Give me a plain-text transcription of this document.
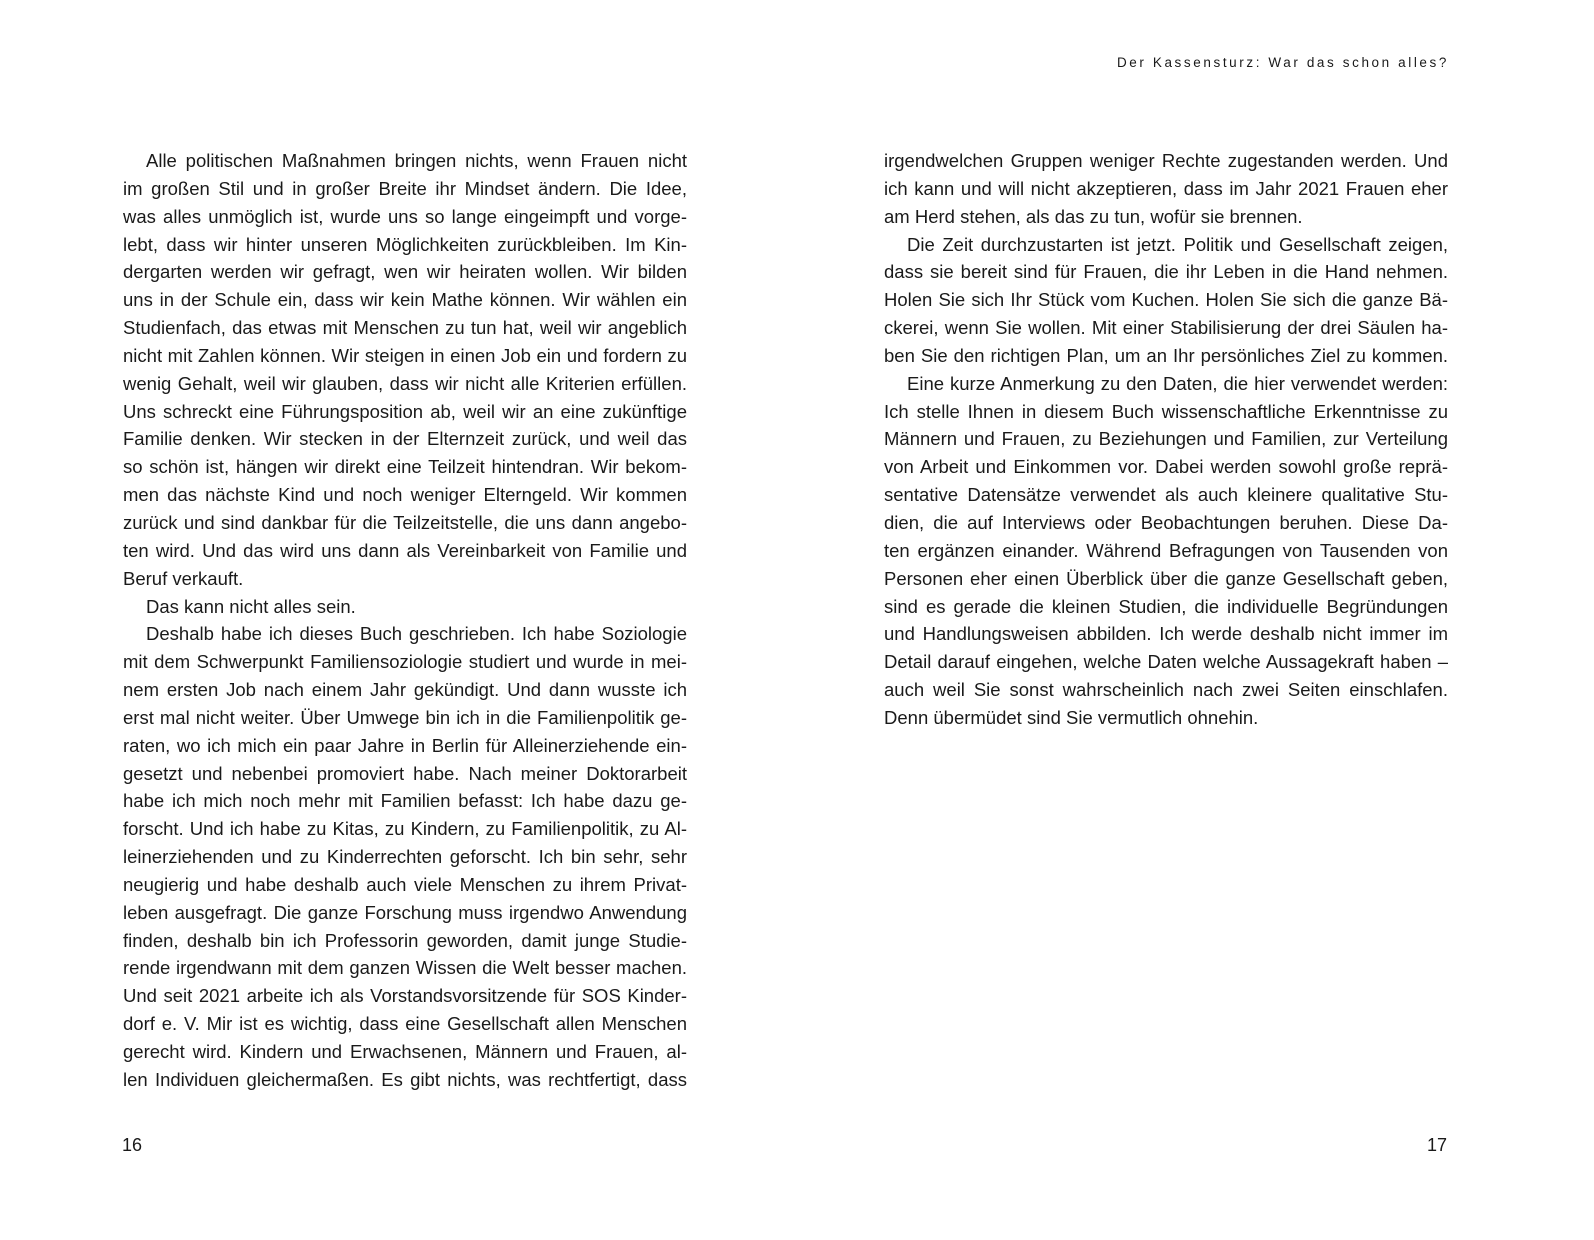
Alle politischen Maßnahmen bringen nichts, wenn Frauen nicht
im großen Stil und in großer Breite ihr Mindset ändern. Die Idee,
was alles unmöglich ist, wurde uns so lange eingeimpft und vorge-
lebt, dass wir hinter unseren Möglichkeiten zurückbleiben. Im Kin-
dergarten werden wir gefragt, wen wir heiraten wollen. Wir bilden
uns in der Schule ein, dass wir kein Mathe können. Wir wählen ein
Studienfach, das etwas mit Menschen zu tun hat, weil wir angeblich
nicht mit Zahlen können. Wir steigen in einen Job ein und fordern zu
wenig Gehalt, weil wir glauben, dass wir nicht alle Kriterien erfüllen.
Uns schreckt eine Führungsposition ab, weil wir an eine zukünftige
Familie denken. Wir stecken in der Elternzeit zurück, und weil das
so schön ist, hängen wir direkt eine Teilzeit hintendran. Wir bekom-
men das nächste Kind und noch weniger Elterngeld. Wir kommen
zurück und sind dankbar für die Teilzeitstelle, die uns dann angebo-
ten wird. Und das wird uns dann als Vereinbarkeit von Familie und
Beruf verkauft.
Das kann nicht alles sein.
Deshalb habe ich dieses Buch geschrieben. Ich habe Soziologie
mit dem Schwerpunkt Familiensoziologie studiert und wurde in mei-
nem ersten Job nach einem Jahr gekündigt. Und dann wusste ich
erst mal nicht weiter. Über Umwege bin ich in die Familienpolitik ge-
raten, wo ich mich ein paar Jahre in Berlin für Alleinerziehende ein-
gesetzt und nebenbei promoviert habe. Nach meiner Doktorarbeit
habe ich mich noch mehr mit Familien befasst: Ich habe dazu ge-
forscht. Und ich habe zu Kitas, zu Kindern, zu Familienpolitik, zu Al-
leinerziehenden und zu Kinderrechten geforscht. Ich bin sehr, sehr
neugierig und habe deshalb auch viele Menschen zu ihrem Privat-
leben ausgefragt. Die ganze Forschung muss irgendwo Anwendung
finden, deshalb bin ich Professorin geworden, damit junge Studie-
rende irgendwann mit dem ganzen Wissen die Welt besser machen.
Und seit 2021 arbeite ich als Vorstandsvorsitzende für SOS Kinder-
dorf e. V. Mir ist es wichtig, dass eine Gesellschaft allen Menschen
gerecht wird. Kindern und Erwachsenen, Männern und Frauen, al-
len Individuen gleichermaßen. Es gibt nichts, was rechtfertigt, dass
16
Der Kassensturz: War das schon alles?
irgendwelchen Gruppen weniger Rechte zugestanden werden. Und
ich kann und will nicht akzeptieren, dass im Jahr 2021 Frauen eher
am Herd stehen, als das zu tun, wofür sie brennen.
Die Zeit durchzustarten ist jetzt. Politik und Gesellschaft zeigen,
dass sie bereit sind für Frauen, die ihr Leben in die Hand nehmen.
Holen Sie sich Ihr Stück vom Kuchen. Holen Sie sich die ganze Bä-
ckerei, wenn Sie wollen. Mit einer Stabilisierung der drei Säulen ha-
ben Sie den richtigen Plan, um an Ihr persönliches Ziel zu kommen.
Eine kurze Anmerkung zu den Daten, die hier verwendet werden:
Ich stelle Ihnen in diesem Buch wissenschaftliche Erkenntnisse zu
Männern und Frauen, zu Beziehungen und Familien, zur Verteilung
von Arbeit und Einkommen vor. Dabei werden sowohl große reprä-
sentative Datensätze verwendet als auch kleinere qualitative Stu-
dien, die auf Interviews oder Beobachtungen beruhen. Diese Da-
ten ergänzen einander. Während Befragungen von Tausenden von
Personen eher einen Überblick über die ganze Gesellschaft geben,
sind es gerade die kleinen Studien, die individuelle Begründungen
und Handlungsweisen abbilden. Ich werde deshalb nicht immer im
Detail darauf eingehen, welche Daten welche Aussagekraft haben –
auch weil Sie sonst wahrscheinlich nach zwei Seiten einschlafen.
Denn übermüdet sind Sie vermutlich ohnehin.
17
